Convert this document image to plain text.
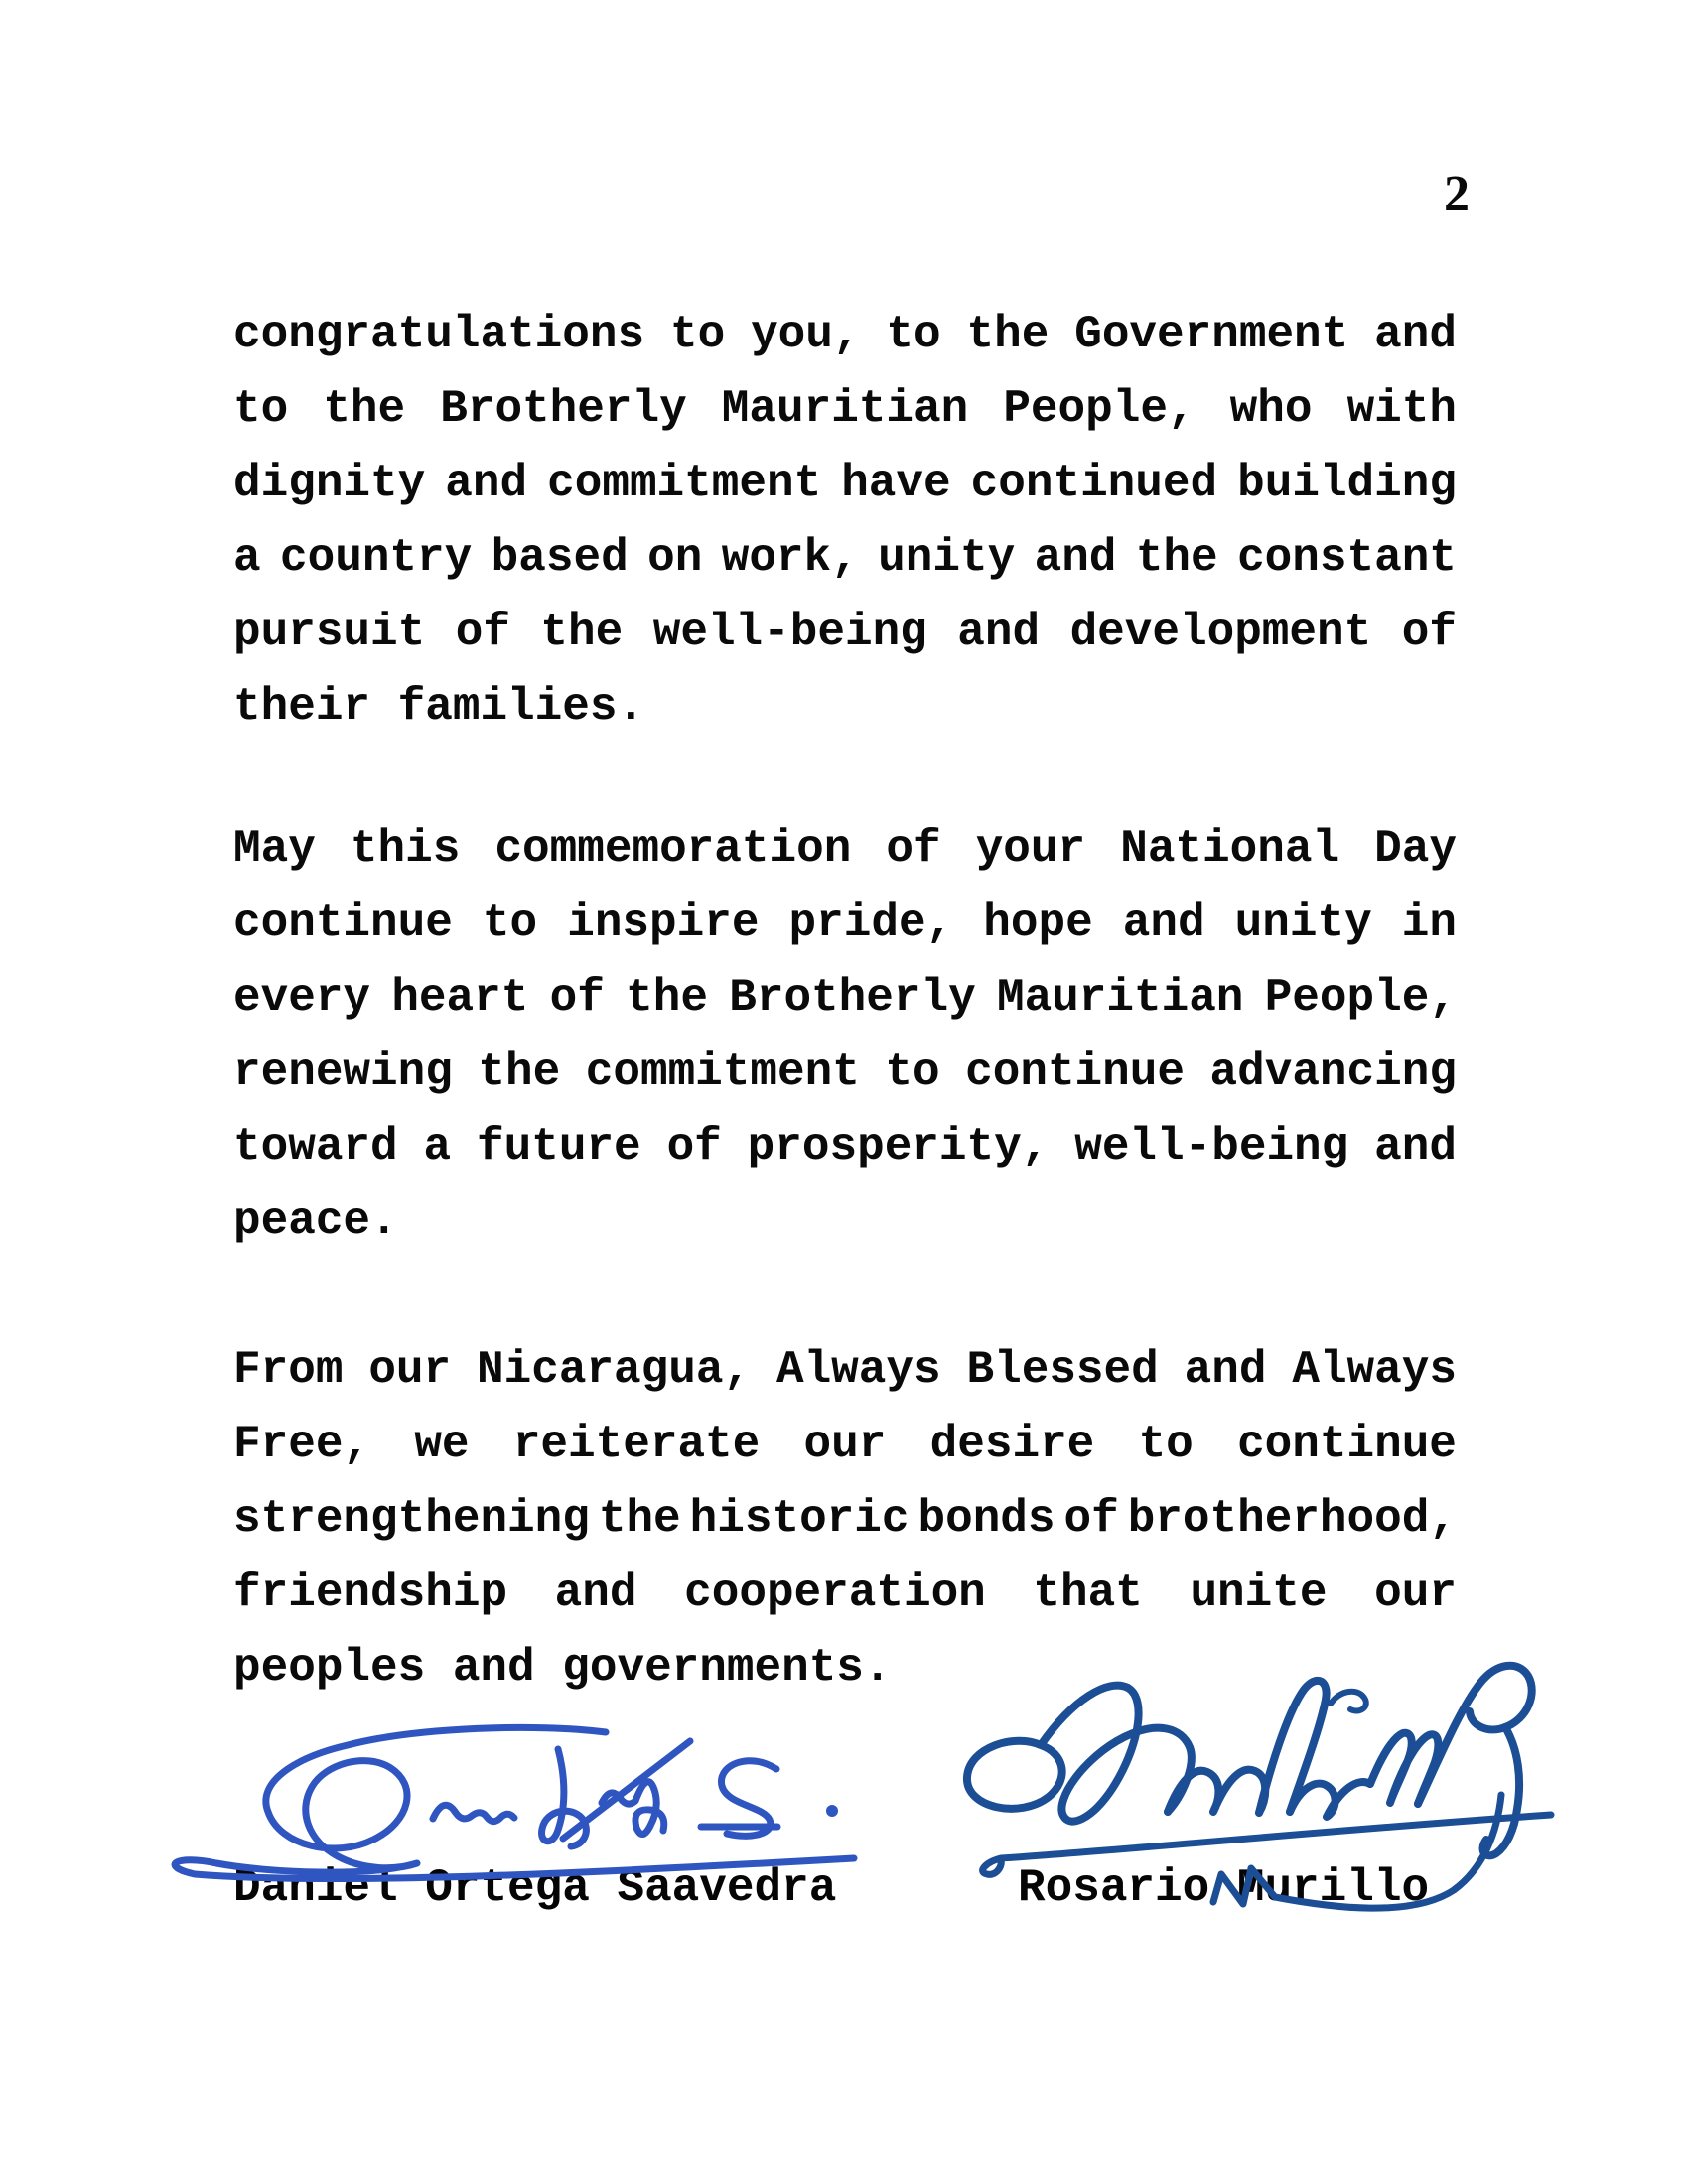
2
congratulations to you, to the Government and
to the Brotherly Mauritian People, who with
dignity and commitment have continued building
a country based on work, unity and the constant
pursuit of the well-being and development of
their families.
May this commemoration of your National Day
continue to inspire pride, hope and unity in
every heart of the Brotherly Mauritian People,
renewing the commitment to continue advancing
toward a future of prosperity, well-being and
peace.
From our Nicaragua, Always Blessed and Always
Free, we reiterate our desire to continue
strengthening the historic bonds of brotherhood,
friendship and cooperation that unite our
peoples and governments.
Daniel Ortega Saavedra	Rosario Murillo
